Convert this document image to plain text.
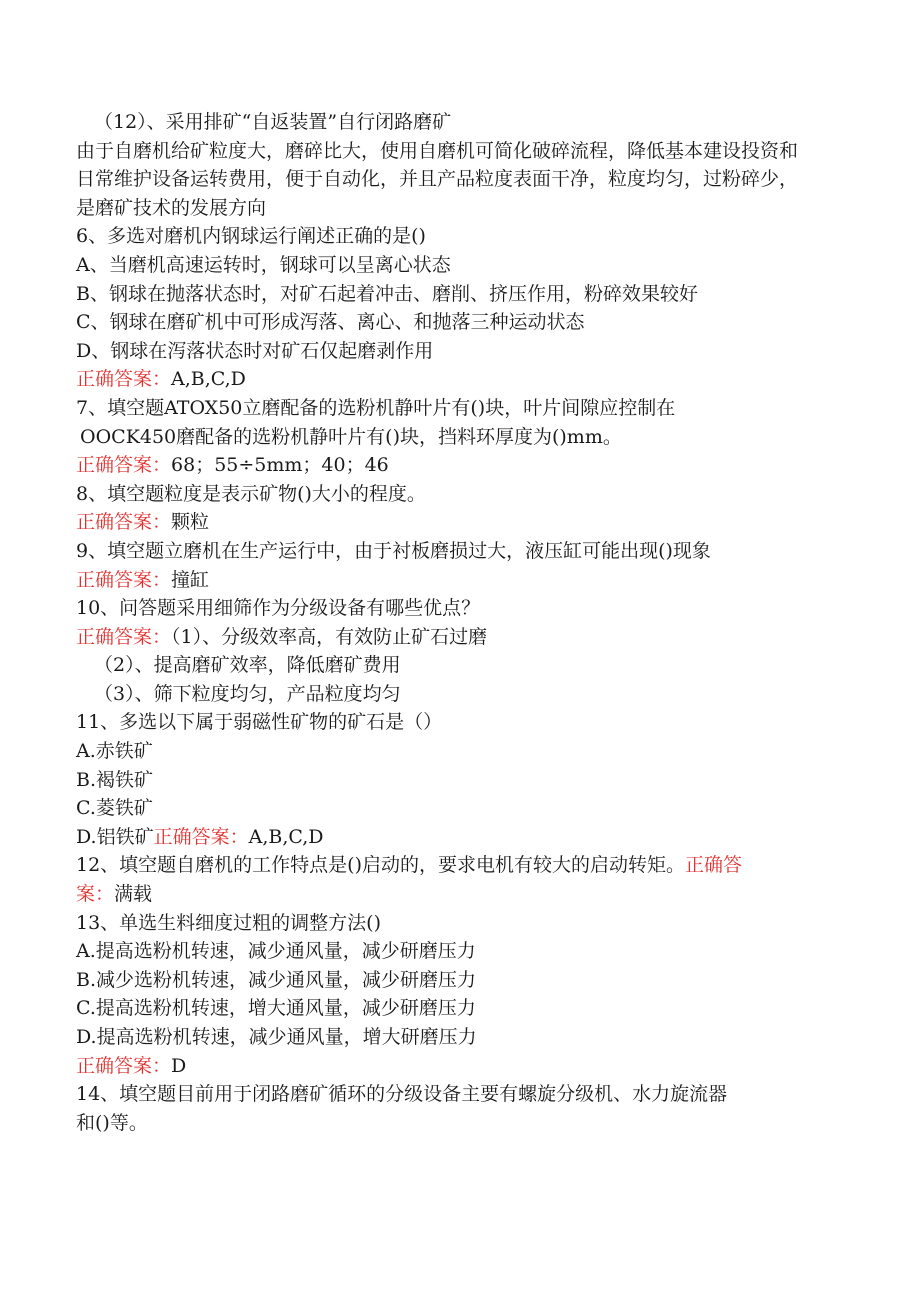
（12）、采用排矿“自返装置”自行闭路磨矿
由于自磨机给矿粒度大，磨碎比大，使用自磨机可简化破碎流程，降低基本建设投资和日常维护设备运转费用，便于自动化，并且产品粒度表面干净，粒度均匀，过粉碎少，是磨矿技术的发展方向
6、多选对磨机内钢球运行阐述正确的是()
A、当磨机高速运转时，钢球可以呈离心状态
B、钢球在抛落状态时，对矿石起着冲击、磨削、挤压作用，粉碎效果较好
C、钢球在磨矿机中可形成泻落、离心、和抛落三种运动状态
D、钢球在泻落状态时对矿石仅起磨剥作用
正确答案：A,B,C,D
7、填空题ATOX50立磨配备的选粉机静叶片有()块，叶片间隙应控制在
OOCK450磨配备的选粉机静叶片有()块，挡料环厚度为()mm。
正确答案：68；55÷5mm；40；46
8、填空题粒度是表示矿物()大小的程度。
正确答案：颗粒
9、填空题立磨机在生产运行中，由于衬板磨损过大，液压缸可能出现()现象
正确答案：撞缸
10、问答题采用细筛作为分级设备有哪些优点？
正确答案：（1）、分级效率高，有效防止矿石过磨
（2）、提高磨矿效率，降低磨矿费用
（3）、筛下粒度均匀，产品粒度均匀
11、多选以下属于弱磁性矿物的矿石是（）
A.赤铁矿
B.褐铁矿
C.菱铁矿
D.铝铁矿正确答案：A,B,C,D
12、填空题自磨机的工作特点是()启动的，要求电机有较大的启动转矩。正确答
案：满载
13、单选生料细度过粗的调整方法()
A.提高选粉机转速，减少通风量，减少研磨压力
B.减少选粉机转速，减少通风量，减少研磨压力
C.提高选粉机转速，增大通风量，减少研磨压力
D.提高选粉机转速，减少通风量，增大研磨压力
正确答案：D
14、填空题目前用于闭路磨矿循环的分级设备主要有螺旋分级机、水力旋流器
和()等。
